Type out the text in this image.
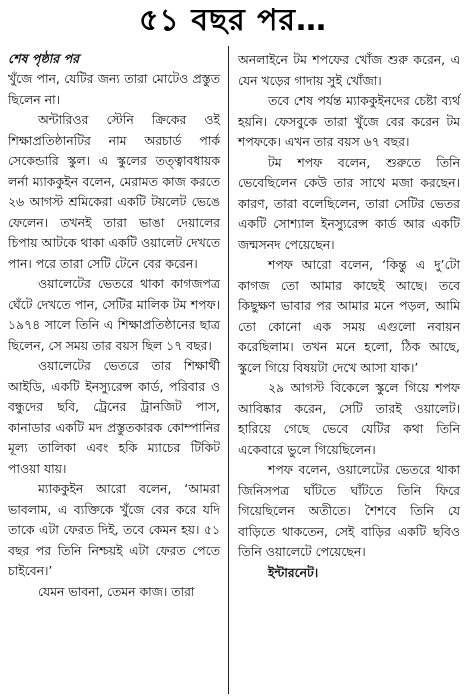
৫১ বছর পর…
শেষ পৃষ্ঠার পর

খুঁজে পান, যেটির জন্য তারা মোটেও প্রস্তুত ছিলেন না।

অন্টারিওর স্টেনি ক্রিকের ওই শিক্ষাপ্রতিষ্ঠানটির নাম অরচার্ড পার্ক সেকেন্ডারি স্কুল। এ স্কুলের তত্ত্বাবধায়ক লর্না ম্যাককুইন বলেন, মেরামত কাজ করতে ২৬ আগস্ট শ্রমিকেরা একটি টয়লেট ভেঙে ফেলেন। তখনই তারা ভাঙা দেয়ালের চিপায় আটকে থাকা একটি ওয়ালেট দেখতে পান। পরে তারা সেটি টেনে বের করেন।

ওয়ালেটের ভেতরে থাকা কাগজপত্র ঘেঁটে দেখতে পান, সেটির মালিক টম শপফ। ১৯৭৪ সালে তিনি এ শিক্ষাপ্রতিষ্ঠানের ছাত্র ছিলেন, সে সময় তার বয়স ছিল ১৭ বছর।

ওয়ালেটের ভেতরে তার শিক্ষার্থী আইডি, একটি ইনস্যুরেন্স কার্ড, পরিবার ও বন্ধুদের ছবি, ট্রেনের ট্রানজিট পাস, কানাডার একটি মদ প্রস্তুতকারক কোম্পানির মূল্য তালিকা এবং হকি ম্যাচের টিকিট পাওয়া যায়।

ম্যাককুইন আরো বলেন, ‘আমরা ভাবলাম, এ ব্যক্তিকে খুঁজে বের করে যদি তাকে এটা ফেরত দিই, তবে কেমন হয়। ৫১ বছর পর তিনি নিশ্চয়ই এটা ফেরত পেতে চাইবেন।’

যেমন ভাবনা, তেমন কাজ। তারা

অনলাইনে টম শপফের খোঁজ শুরু করেন, এ যেন খড়ের গাদায় সুই খোঁজা।

তবে শেষ পর্যন্ত ম্যাককুইনদের চেষ্টা ব্যর্থ হয়নি। ফেসবুকে তারা খুঁজে বের করেন টম শপফকে। এখন তার বয়স ৬৭ বছর।

টম শপফ বলেন, শুরুতে তিনি ভেবেছিলেন কেউ তার সাথে মজা করছেন। কারণ, তারা বলেছিলেন, তারা সেটির ভেতর একটি সোশ্যাল ইনস্যুরেন্স কার্ড আর একটি জন্মসনদ পেয়েছেন।

শপফ আরো বলেন, ‘কিন্তু এ দু’টো কাগজ তো আমার কাছেই আছে। তবে কিছুক্ষণ ভাবার পর আমার মনে পড়ল, আমি তো কোনো এক সময় এগুলো নবায়ন করেছিলাম। তখন মনে হলো, ঠিক আছে, স্কুলে গিয়ে বিষয়টা দেখে আসা যাক।’

২৯ আগস্ট বিকেলে স্কুলে গিয়ে শপফ আবিষ্কার করেন, সেটি তারই ওয়ালেট। হারিয়ে গেছে ভেবে যেটির কথা তিনি একেবারে ভুলে গিয়েছিলেন।

শপফ বলেন, ওয়ালেটের ভেতরে থাকা জিনিসপত্র ঘাঁটতে ঘাঁটতে তিনি ফিরে গিয়েছিলেন অতীতে। শৈশবে তিনি যে বাড়িতে থাকতেন, সেই বাড়ির একটি ছবিও তিনি ওয়ালেটে পেয়েছেন।

ইন্টারনেট।
